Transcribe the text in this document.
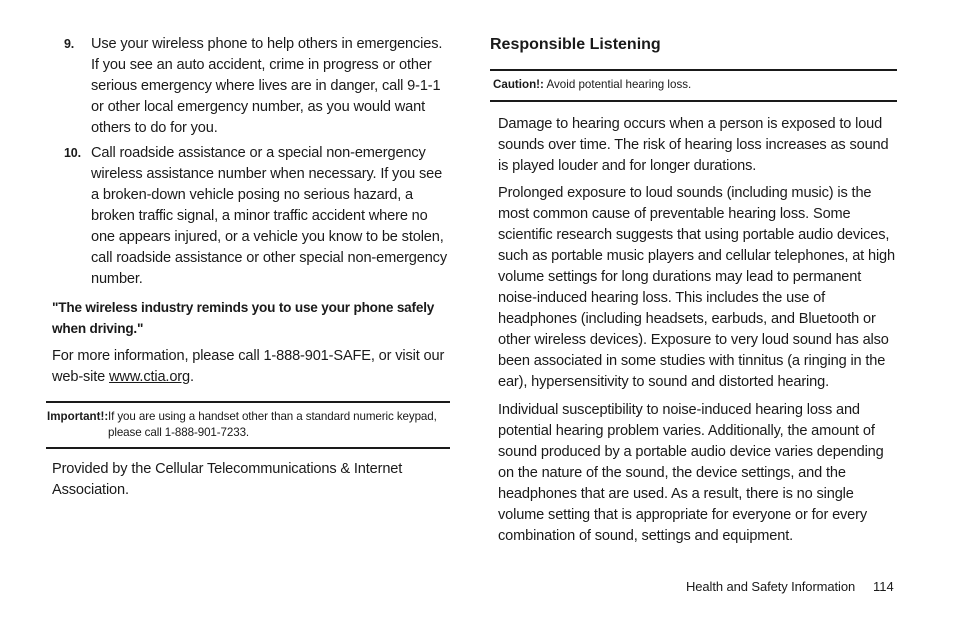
9. Use your wireless phone to help others in emergencies. If you see an auto accident, crime in progress or other serious emergency where lives are in danger, call 9-1-1 or other local emergency number, as you would want others to do for you.
10. Call roadside assistance or a special non-emergency wireless assistance number when necessary. If you see a broken-down vehicle posing no serious hazard, a broken traffic signal, a minor traffic accident where no one appears injured, or a vehicle you know to be stolen, call roadside assistance or other special non-emergency number.
"The wireless industry reminds you to use your phone safely when driving."
For more information, please call 1-888-901-SAFE, or visit our web-site www.ctia.org.
Important!: If you are using a handset other than a standard numeric keypad, please call 1-888-901-7233.
Provided by the Cellular Telecommunications & Internet Association.
Responsible Listening
Caution!: Avoid potential hearing loss.
Damage to hearing occurs when a person is exposed to loud sounds over time. The risk of hearing loss increases as sound is played louder and for longer durations.
Prolonged exposure to loud sounds (including music) is the most common cause of preventable hearing loss. Some scientific research suggests that using portable audio devices, such as portable music players and cellular telephones, at high volume settings for long durations may lead to permanent noise-induced hearing loss. This includes the use of headphones (including headsets, earbuds, and Bluetooth or other wireless devices). Exposure to very loud sound has also been associated in some studies with tinnitus (a ringing in the ear), hypersensitivity to sound and distorted hearing.
Individual susceptibility to noise-induced hearing loss and potential hearing problem varies. Additionally, the amount of sound produced by a portable audio device varies depending on the nature of the sound, the device settings, and the headphones that are used. As a result, there is no single volume setting that is appropriate for everyone or for every combination of sound, settings and equipment.
Health and Safety Information 114
